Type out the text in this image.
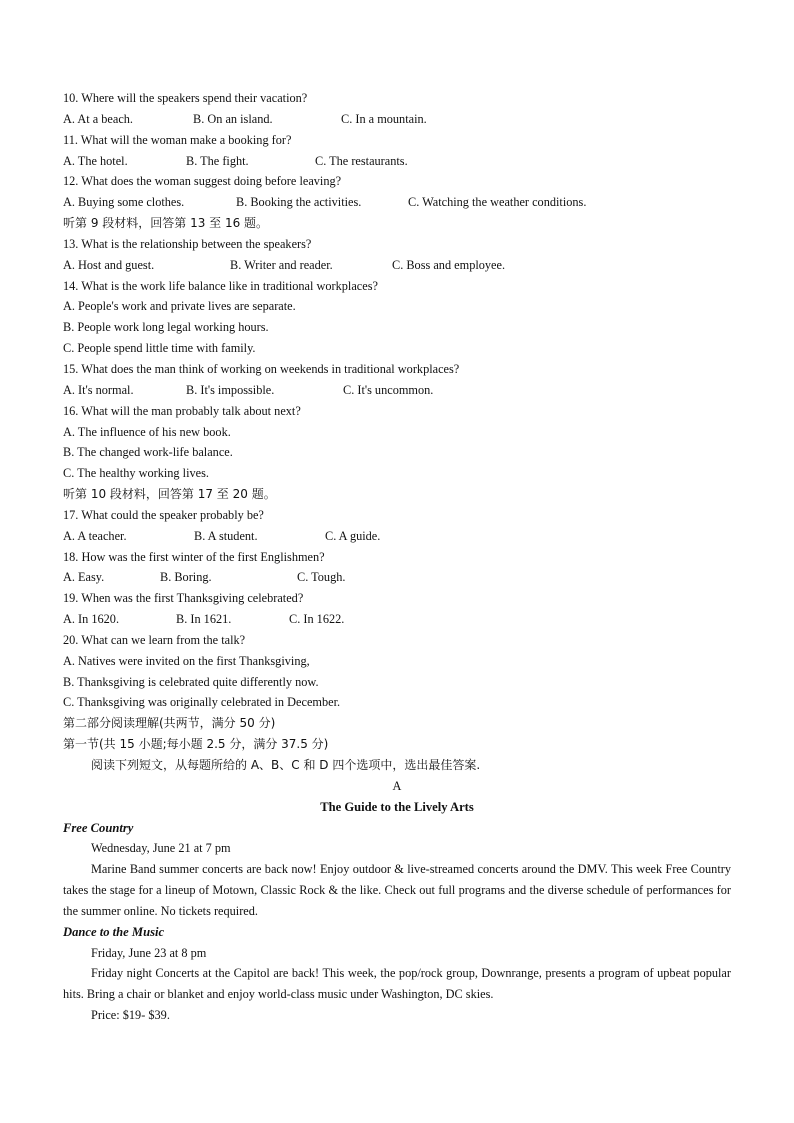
10. Where will the speakers spend their vacation?
A. At a beach.	B. On an island.	C. In a mountain.
11. What will the woman make a booking for?
A. The hotel.	B. The fight.	C. The restaurants.
12. What does the woman suggest doing before leaving?
A. Buying some clothes.	B. Booking the activities.	C. Watching the weather conditions.
听第 9 段材料，回答第 13 至 16 题。
13. What is the relationship between the speakers?
A. Host and guest.	B. Writer and reader.	C. Boss and employee.
14. What is the work life balance like in traditional workplaces?
A. People's work and private lives are separate.
B. People work long legal working hours.
C. People spend little time with family.
15. What does the man think of working on weekends in traditional workplaces?
A. It's normal.	B. It's impossible.	C. It's uncommon.
16. What will the man probably talk about next?
A. The influence of his new book.
B. The changed work-life balance.
C. The healthy working lives.
听第 10 段材料，回答第 17 至 20 题。
17. What could the speaker probably be?
A. A teacher.	B. A student.	C. A guide.
18. How was the first winter of the first Englishmen?
A. Easy.	B. Boring.	C. Tough.
19. When was the first Thanksgiving celebrated?
A. In 1620.	B. In 1621.	C. In 1622.
20. What can we learn from the talk?
A. Natives were invited on the first Thanksgiving,
B. Thanksgiving is celebrated quite differently now.
C. Thanksgiving was originally celebrated in December.
第二部分阅读理解(共两节，满分 50 分)
第一节(共 15 小题;每小题 2.5 分，满分 37.5 分)
阅读下列短文，从每题所给的 A、B、C 和 D 四个选项中，选出最佳答案.
A
The Guide to the Lively Arts
Free Country
Wednesday, June 21 at 7 pm
Marine Band summer concerts are back now! Enjoy outdoor & live-streamed concerts around the DMV. This week Free Country takes the stage for a lineup of Motown, Classic Rock & the like. Check out full programs and the diverse schedule of performances for the summer online. No tickets required.
Dance to the Music
Friday, June 23 at 8 pm
Friday night Concerts at the Capitol are back! This week, the pop/rock group, Downrange, presents a program of upbeat popular hits. Bring a chair or blanket and enjoy world-class music under Washington, DC skies.
Price: $19- $39.
